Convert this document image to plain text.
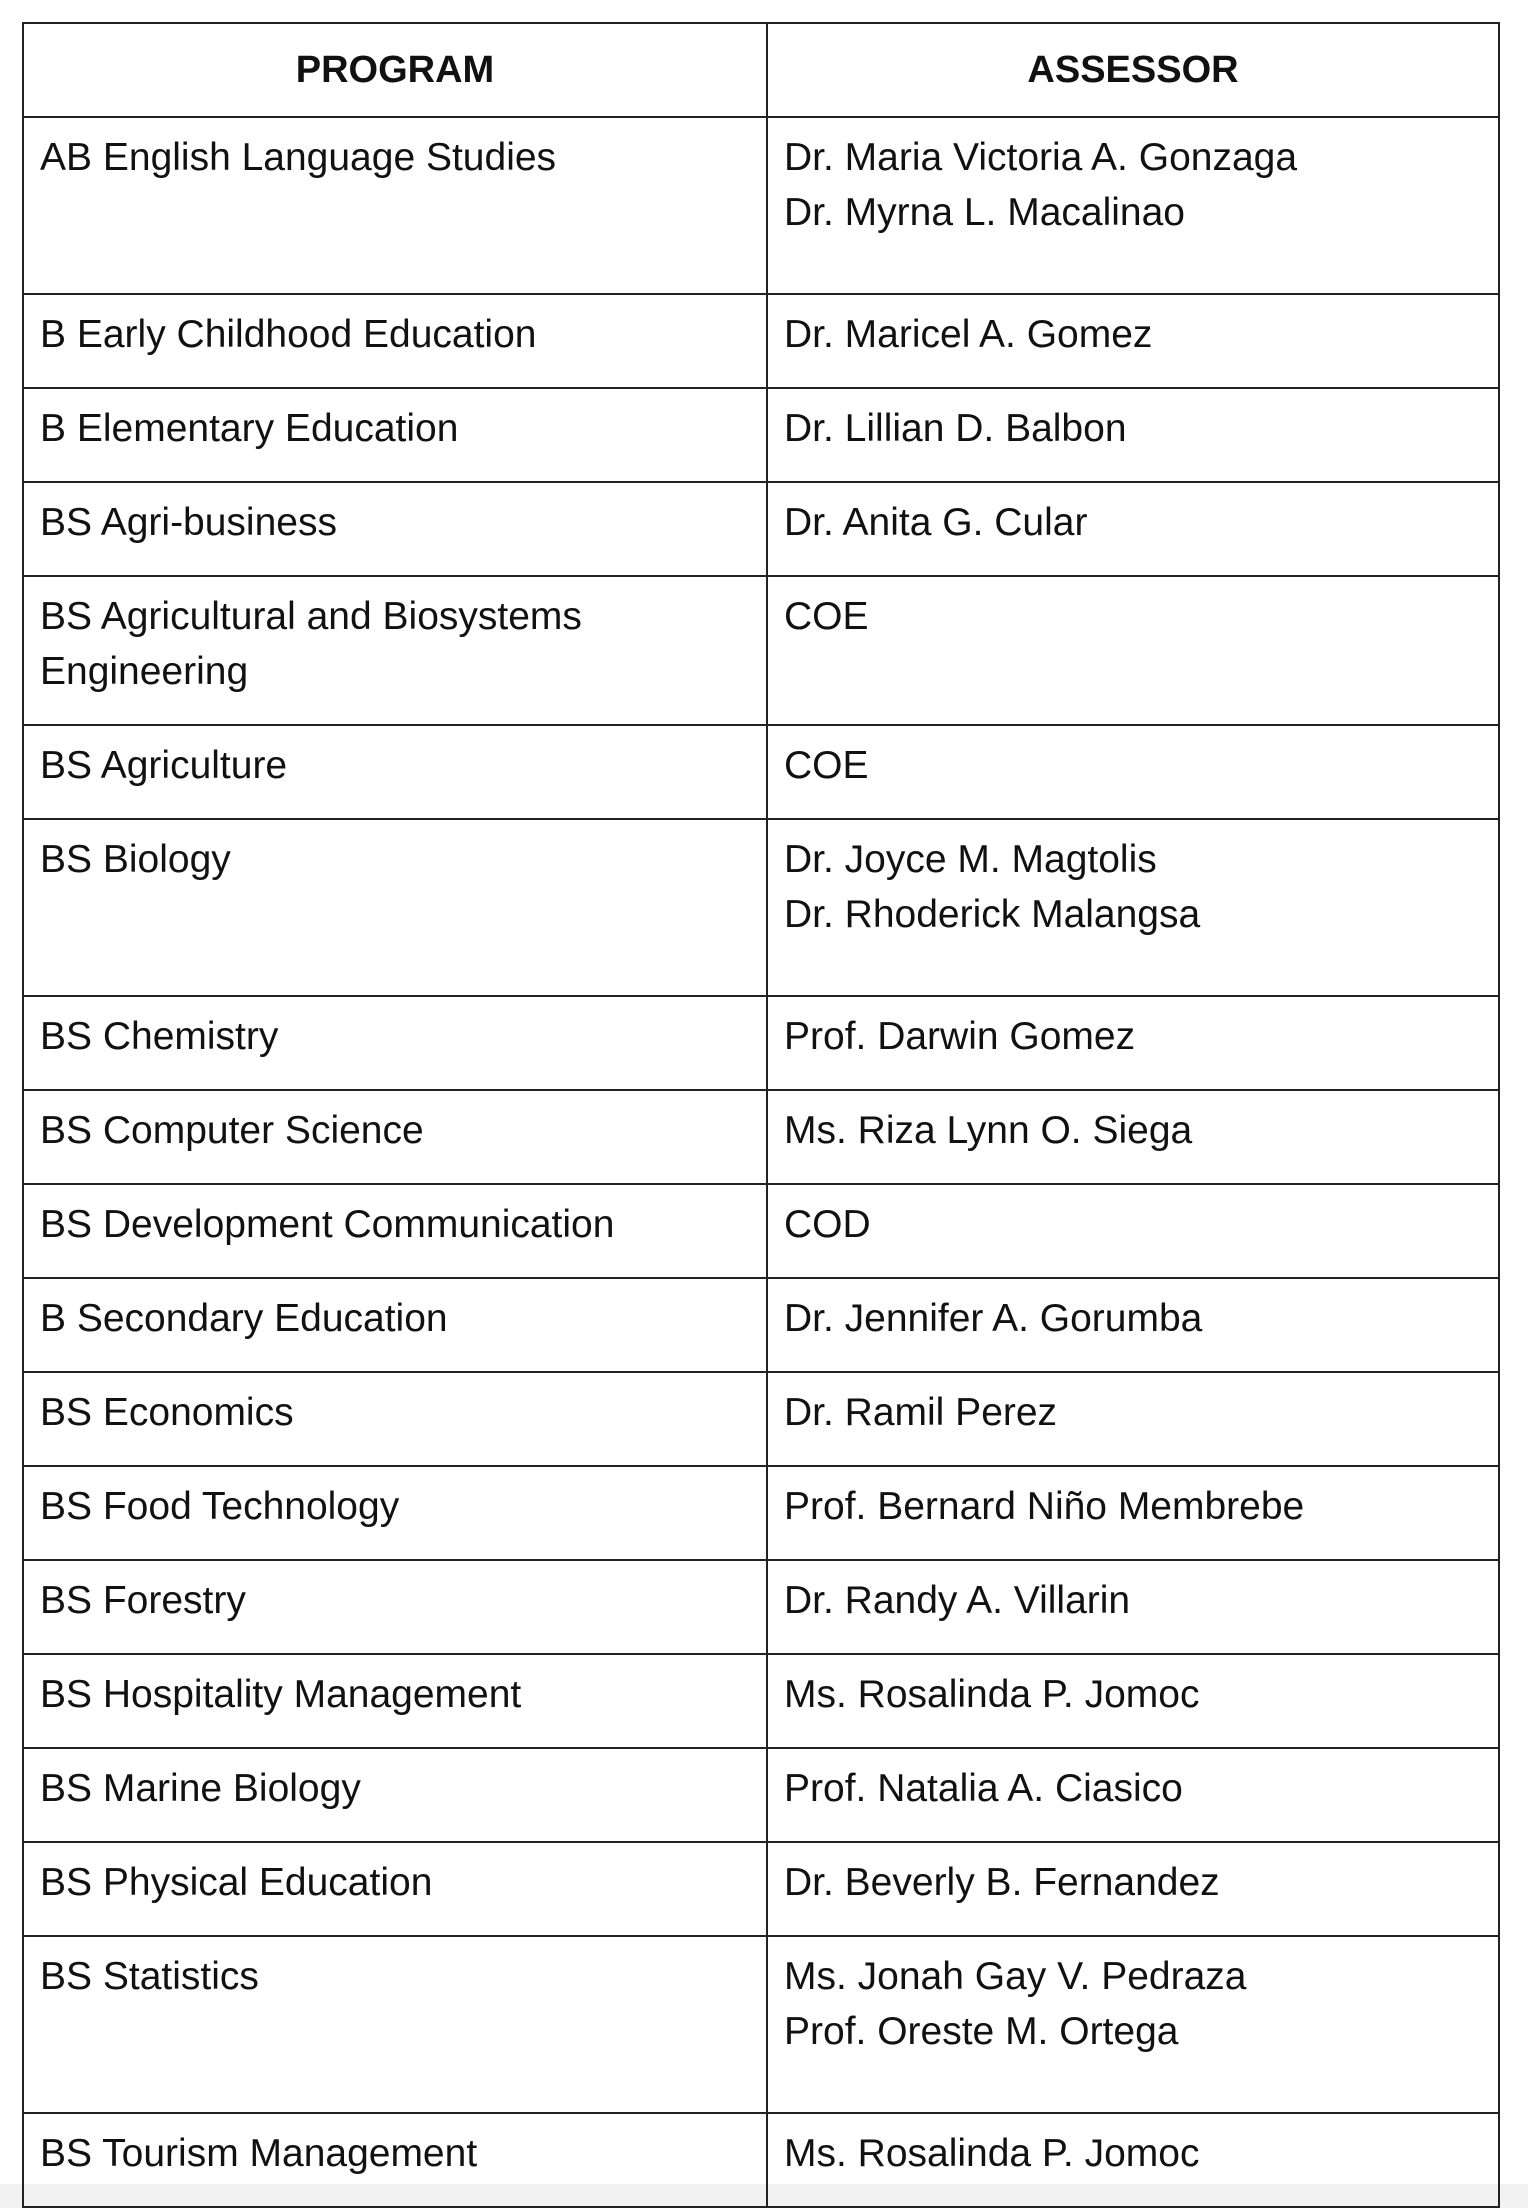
PROGRAM	ASSESSOR

AB English Language Studies	Dr. Maria Victoria A. Gonzaga
Dr. Myrna L. Macalinao

B Early Childhood Education	Dr. Maricel A. Gomez

B Elementary Education	Dr. Lillian D. Balbon

BS Agri-business	Dr. Anita G. Cular

BS Agricultural and Biosystems Engineering	COE

BS Agriculture	COE

BS Biology	Dr. Joyce M. Magtolis
Dr. Rhoderick Malangsa

BS Chemistry	Prof. Darwin Gomez

BS Computer Science	Ms. Riza Lynn O. Siega

BS Development Communication	COD

B Secondary Education	Dr. Jennifer A. Gorumba

BS Economics	Dr. Ramil Perez

BS Food Technology	Prof. Bernard Niño Membrebe

BS Forestry	Dr. Randy A. Villarin

BS Hospitality Management	Ms. Rosalinda P. Jomoc

BS Marine Biology	Prof. Natalia A. Ciasico

BS Physical Education	Dr. Beverly B. Fernandez

BS Statistics	Ms. Jonah Gay V. Pedraza
Prof. Oreste M. Ortega

BS Tourism Management	Ms. Rosalinda P. Jomoc
